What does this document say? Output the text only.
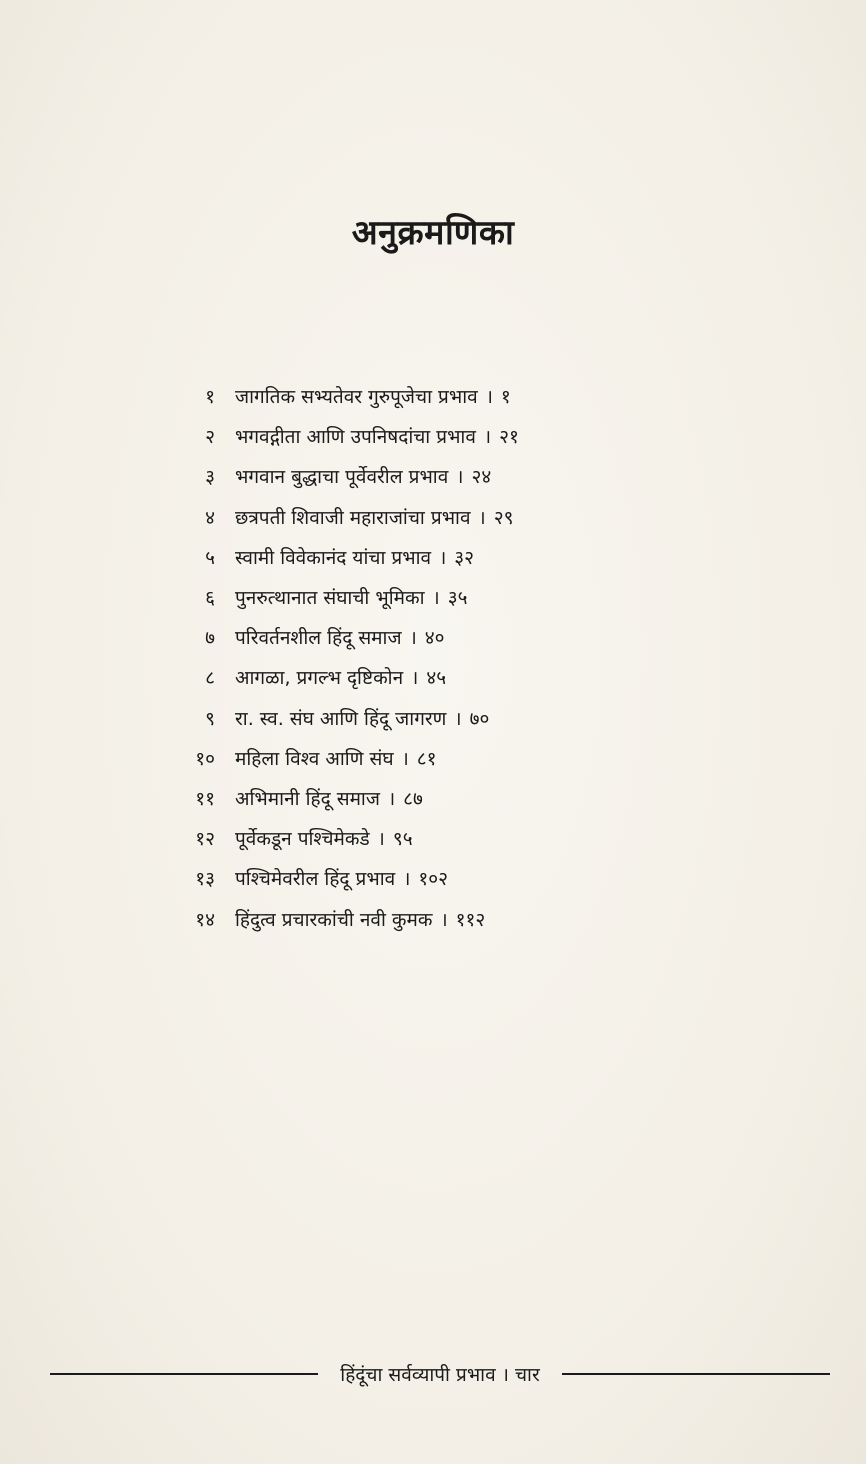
अनुक्रमणिका
१	जागतिक सभ्यतेवर गुरुपूजेचा प्रभाव । १
२	भगवद्गीता आणि उपनिषदांचा प्रभाव । २१
३	भगवान बुद्धाचा पूर्वेवरील प्रभाव । २४
४	छत्रपती शिवाजी महाराजांचा प्रभाव । २९
५	स्वामी विवेकानंद यांचा प्रभाव । ३२
६	पुनरुत्थानात संघाची भूमिका । ३५
७	परिवर्तनशील हिंदू समाज । ४०
८	आगळा, प्रगल्भ दृष्टिकोन । ४५
९	रा. स्व. संघ आणि हिंदू जागरण । ७०
१०	महिला विश्व आणि संघ । ८१
११	अभिमानी हिंदू समाज । ८७
१२	पूर्वेकडून पश्चिमेकडे । ९५
१३	पश्चिमेवरील हिंदू प्रभाव । १०२
१४	हिंदुत्व प्रचारकांची नवी कुमक । ११२
हिंदूंचा सर्वव्यापी प्रभाव । चार
